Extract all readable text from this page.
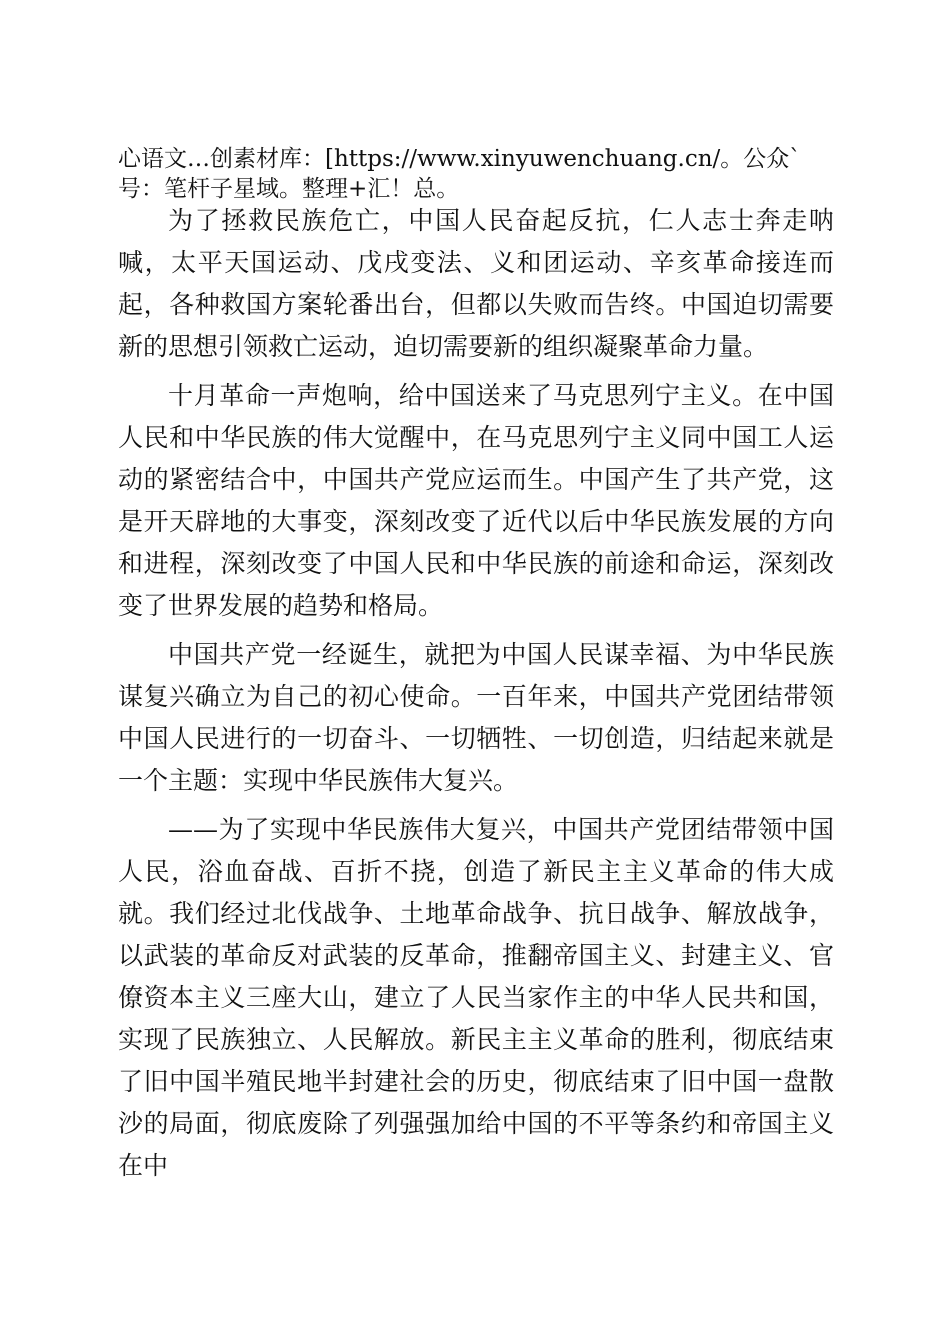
心语文…创素材库：[https://www.xinyuwenchuang.cn/。公众`号：笔杆子星域。整理+汇！总。

为了拯救民族危亡，中国人民奋起反抗，仁人志士奔走呐喊，太平天国运动、戊戌变法、义和团运动、辛亥革命接连而起，各种救国方案轮番出台，但都以失败而告终。中国迫切需要新的思想引领救亡运动，迫切需要新的组织凝聚革命力量。

十月革命一声炮响，给中国送来了马克思列宁主义。在中国人民和中华民族的伟大觉醒中，在马克思列宁主义同中国工人运动的紧密结合中，中国共产党应运而生。中国产生了共产党，这是开天辟地的大事变，深刻改变了近代以后中华民族发展的方向和进程，深刻改变了中国人民和中华民族的前途和命运，深刻改变了世界发展的趋势和格局。

中国共产党一经诞生，就把为中国人民谋幸福、为中华民族谋复兴确立为自己的初心使命。一百年来，中国共产党团结带领中国人民进行的一切奋斗、一切牺牲、一切创造，归结起来就是一个主题：实现中华民族伟大复兴。

——为了实现中华民族伟大复兴，中国共产党团结带领中国人民，浴血奋战、百折不挠，创造了新民主主义革命的伟大成就。我们经过北伐战争、土地革命战争、抗日战争、解放战争，以武装的革命反对武装的反革命，推翻帝国主义、封建主义、官僚资本主义三座大山，建立了人民当家作主的中华人民共和国，实现了民族独立、人民解放。新民主主义革命的胜利，彻底结束了旧中国半殖民地半封建社会的历史，彻底结束了旧中国一盘散沙的局面，彻底废除了列强强加给中国的不平等条约和帝国主义在中
